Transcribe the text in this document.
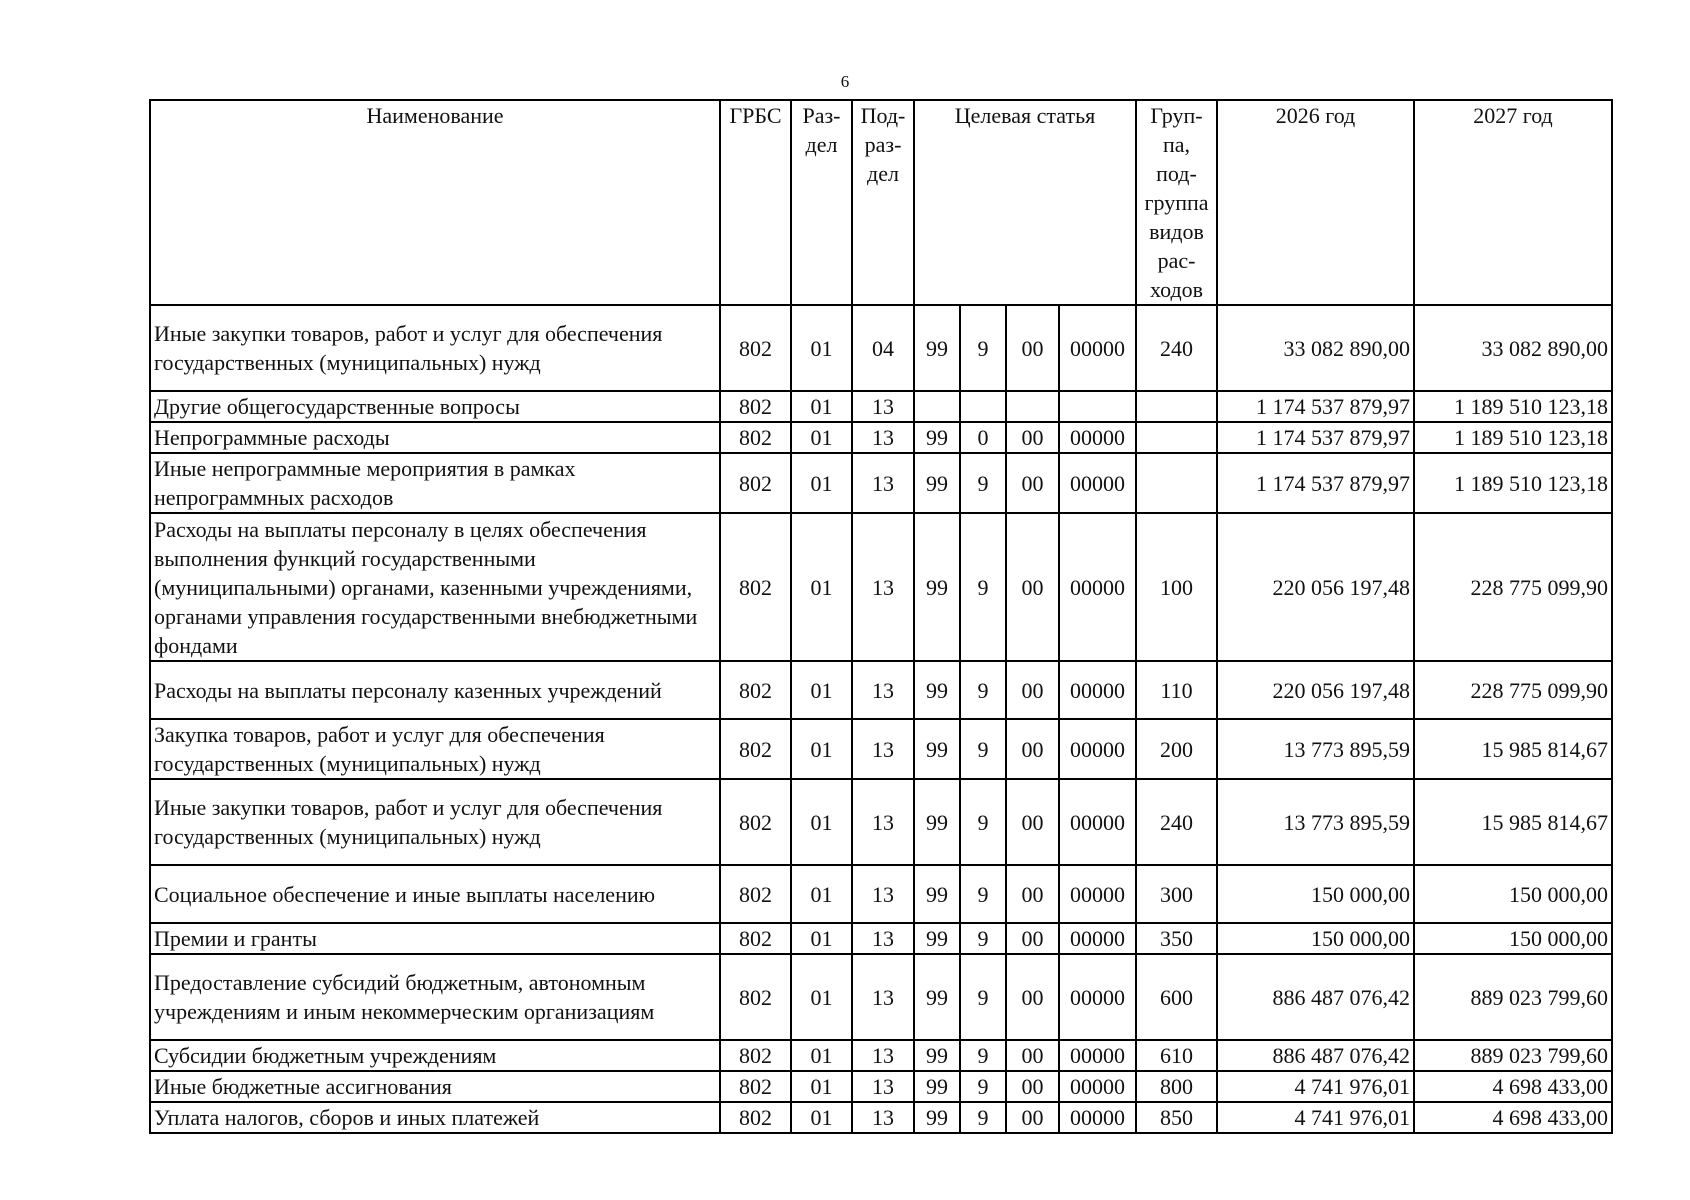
6
Наименование	ГРБС	Раз-дел	Под-раз-дел	Целевая статья				Груп-па, под-группа видов рас-ходов	2026 год	2027 год
Иные закупки товаров, работ и услуг для обеспечения государственных (муниципальных) нужд	802	01	04	99	9	00	00000	240	33 082 890,00	33 082 890,00
Другие общегосударственные вопросы	802	01	13						1 174 537 879,97	1 189 510 123,18
Непрограммные расходы	802	01	13	99	0	00	00000		1 174 537 879,97	1 189 510 123,18
Иные непрограммные мероприятия в рамках непрограммных расходов	802	01	13	99	9	00	00000		1 174 537 879,97	1 189 510 123,18
Расходы на выплаты персоналу в целях обеспечения выполнения функций государственными (муниципальными) органами, казенными учреждениями, органами управления государственными внебюджетными фондами	802	01	13	99	9	00	00000	100	220 056 197,48	228 775 099,90
Расходы на выплаты персоналу казенных учреждений	802	01	13	99	9	00	00000	110	220 056 197,48	228 775 099,90
Закупка товаров, работ и услуг для обеспечения государственных (муниципальных) нужд	802	01	13	99	9	00	00000	200	13 773 895,59	15 985 814,67
Иные закупки товаров, работ и услуг для обеспечения государственных (муниципальных) нужд	802	01	13	99	9	00	00000	240	13 773 895,59	15 985 814,67
Социальное обеспечение и иные выплаты населению	802	01	13	99	9	00	00000	300	150 000,00	150 000,00
Премии и гранты	802	01	13	99	9	00	00000	350	150 000,00	150 000,00
Предоставление субсидий бюджетным, автономным учреждениям и иным некоммерческим организациям	802	01	13	99	9	00	00000	600	886 487 076,42	889 023 799,60
Субсидии бюджетным учреждениям	802	01	13	99	9	00	00000	610	886 487 076,42	889 023 799,60
Иные бюджетные ассигнования	802	01	13	99	9	00	00000	800	4 741 976,01	4 698 433,00
Уплата налогов, сборов и иных платежей	802	01	13	99	9	00	00000	850	4 741 976,01	4 698 433,00
